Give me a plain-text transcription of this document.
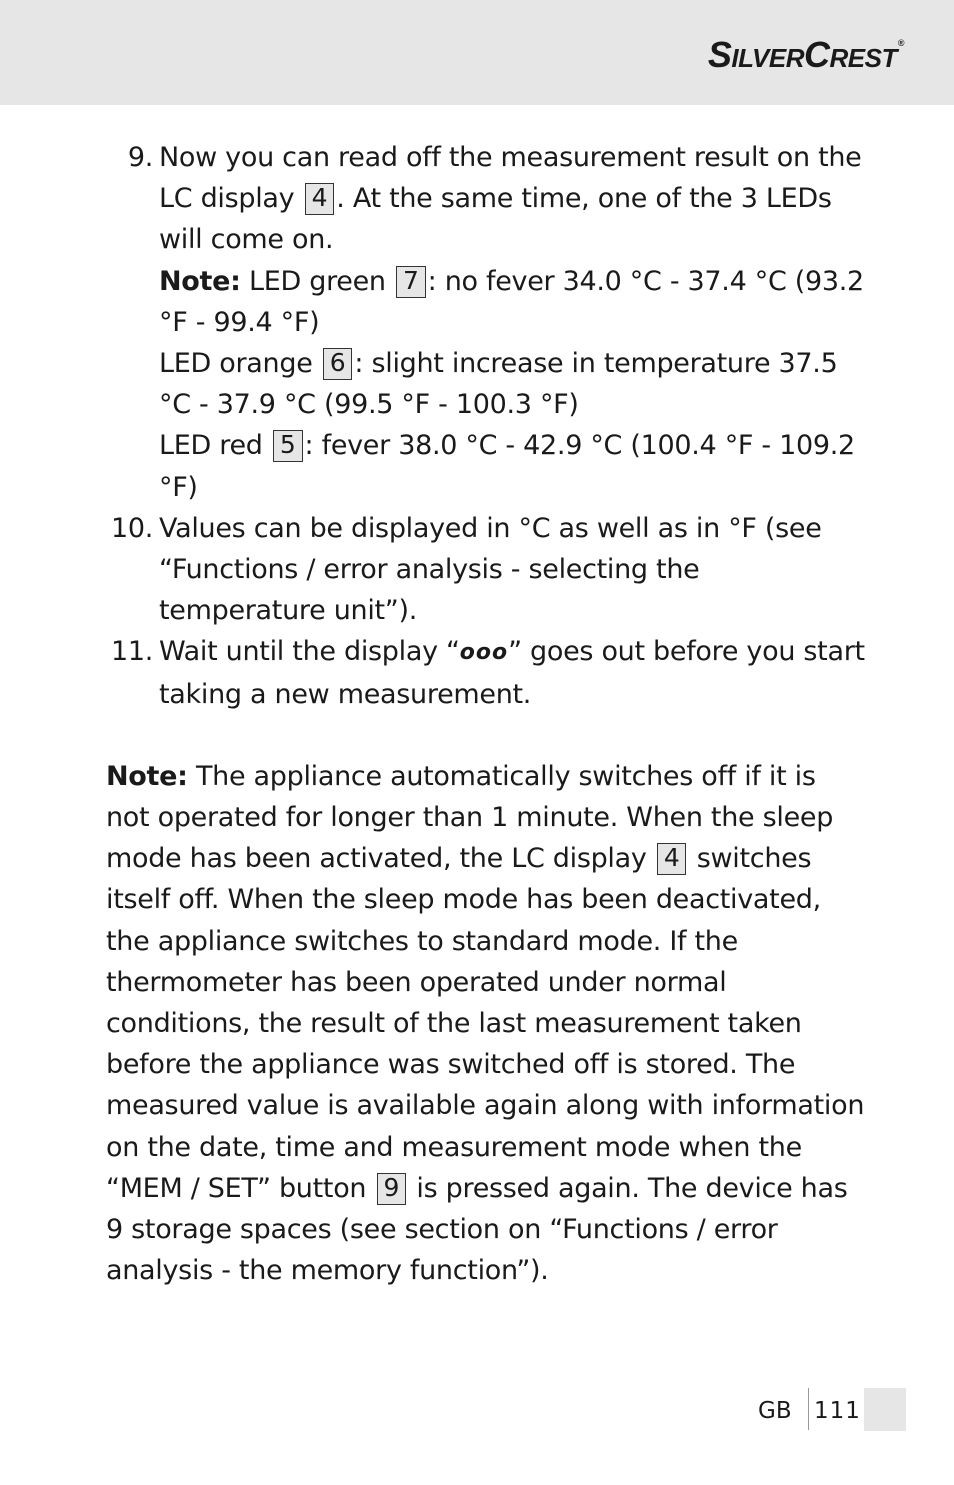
SILVERCREST®
9. Now you can read off the measurement result on the LC display 4 . At the same time, one of the 3 LEDs will come on.
Note: LED green 7 : no fever 34.0 °C - 37.4 °C (93.2 °F - 99.4 °F)
LED orange 6 : slight increase in temperature 37.5 °C - 37.9 °C (99.5 °F - 100.3 °F)
LED red 5 : fever 38.0 °C - 42.9 °C (100.4 °F - 109.2 °F)
10. Values can be displayed in °C as well as in °F (see “Functions / error analysis - selecting the temperature unit”).
11. Wait until the display “ooo” goes out before you start taking a new measurement.
Note: The appliance automatically switches off if it is not operated for longer than 1 minute. When the sleep mode has been activated, the LC display 4 switches itself off. When the sleep mode has been deactivated, the appliance switches to standard mode. If the thermometer has been operated under normal conditions, the result of the last measurement taken before the appliance was switched off is stored. The measured value is available again along with information on the date, time and measurement mode when the “MEM / SET” button 9 is pressed again. The device has 9 storage spaces (see section on “Functions / error analysis - the memory function”).
GB 111
